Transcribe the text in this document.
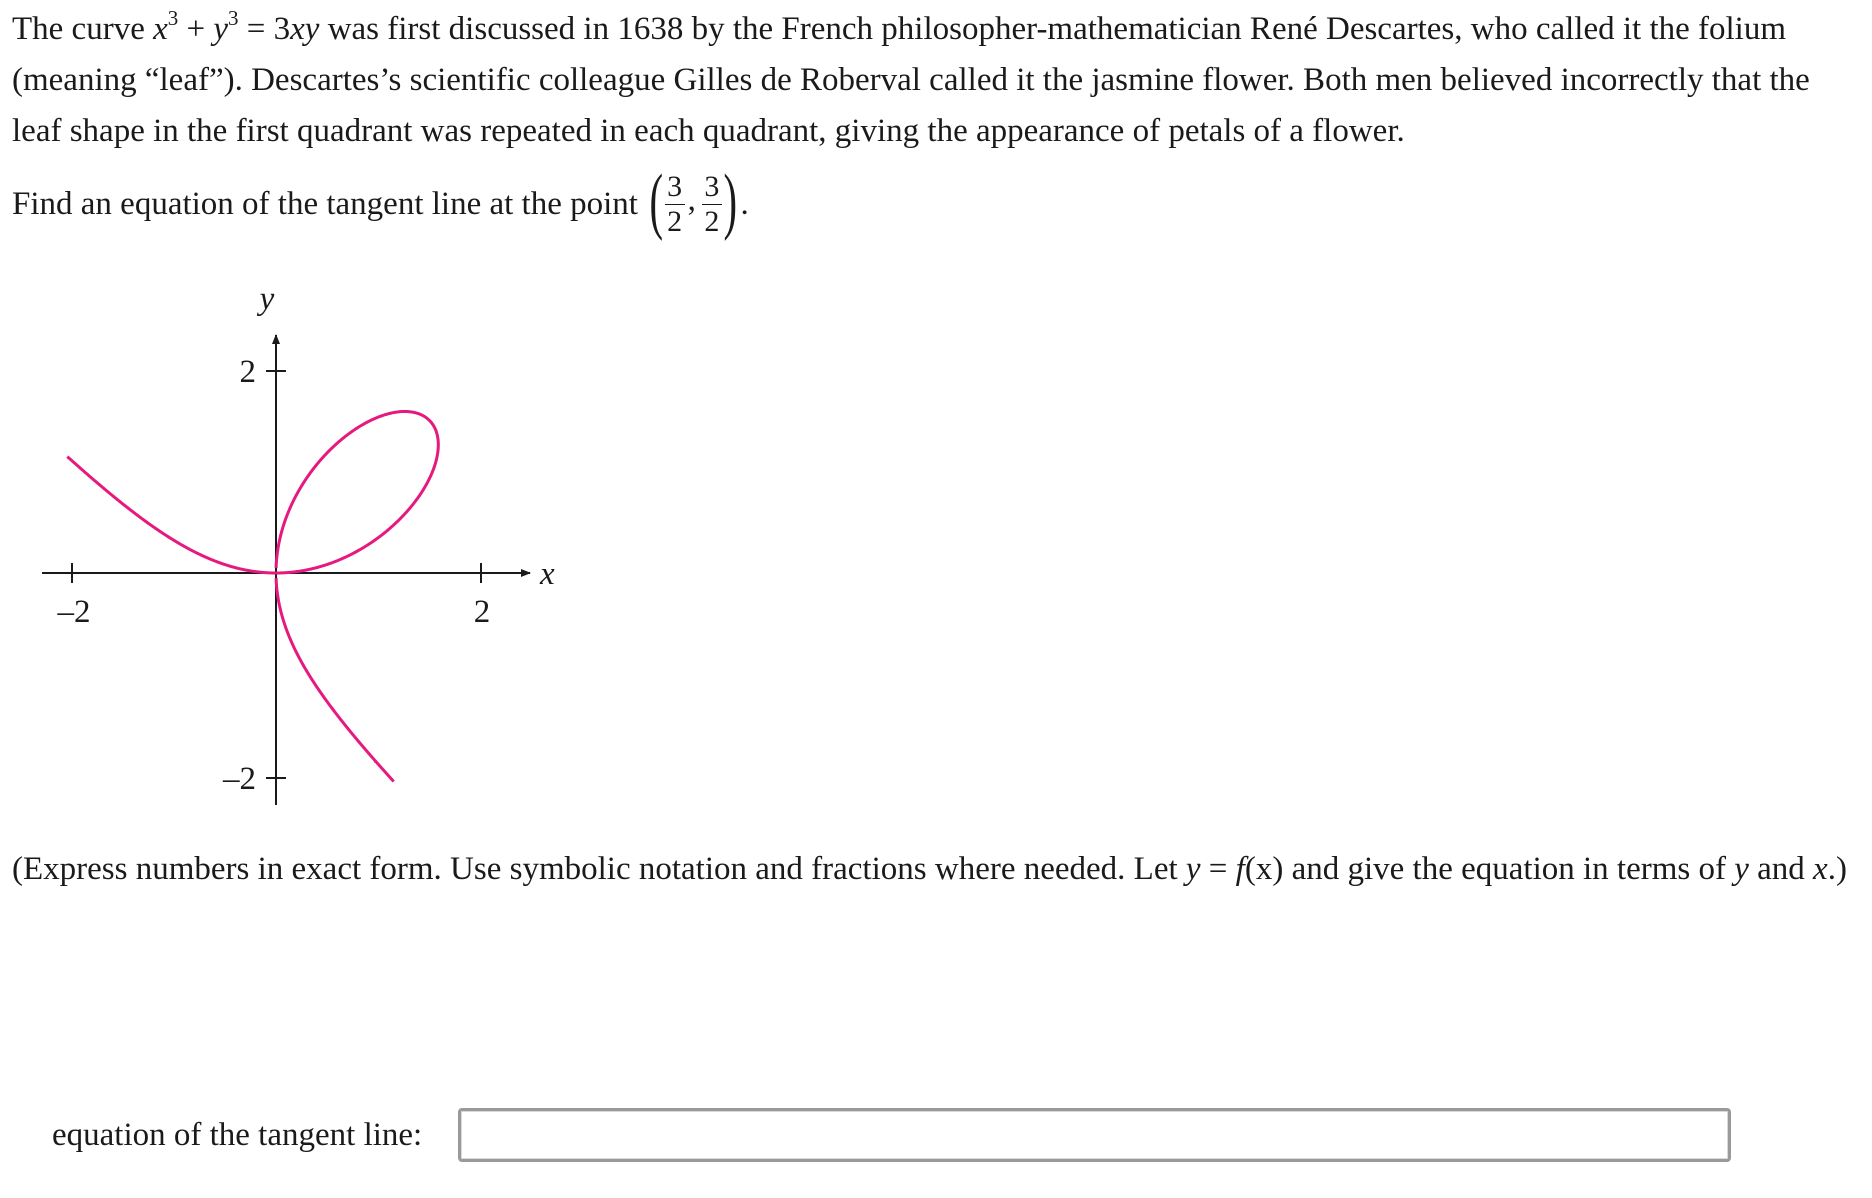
The curve $x^3 + y^3 = 3xy$ was first discussed in 1638 by the French philosopher-mathematician René Descartes, who called it the folium (meaning “leaf”). Descartes’s scientific colleague Gilles de Roberval called it the jasmine flower. Both men believed incorrectly that the leaf shape in the first quadrant was repeated in each quadrant, giving the appearance of petals of a flower.
Find an equation of the tangent line at the point ( $\frac{3}{2}$ , $\frac{3}{2}$ ) .
–2	2
2
–2
x
y
(Express numbers in exact form. Use symbolic notation and fractions where needed. Let y = f(x) and give the equation in terms of y and x.)
equation of the tangent line:
